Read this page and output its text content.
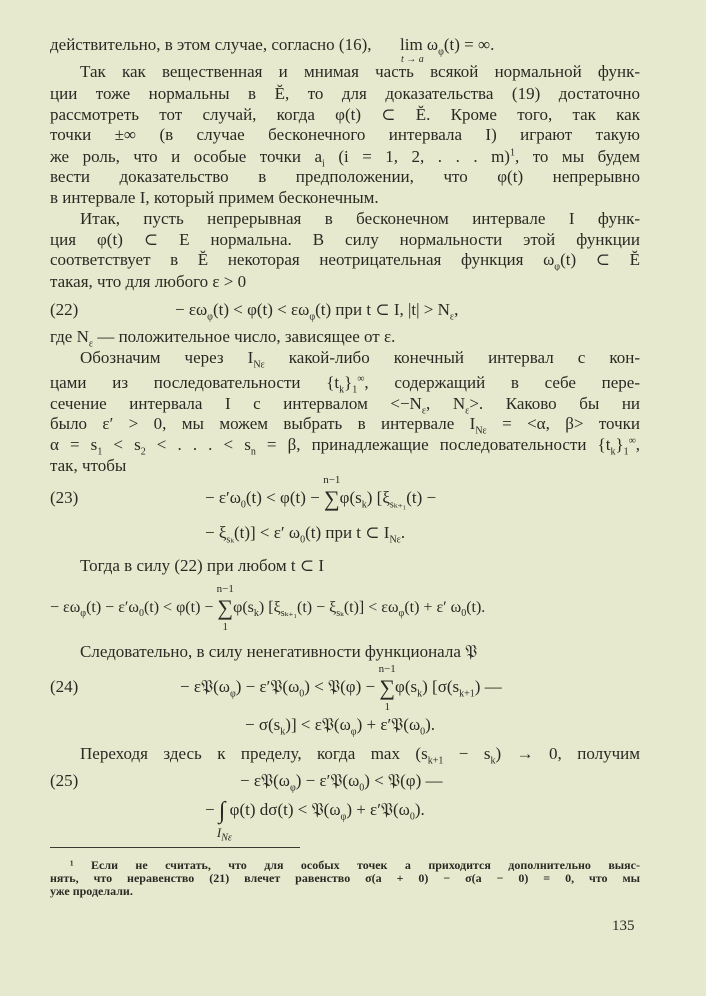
действительно, в этом случае, согласно (16), $\lim \omega_\varphi(t)$ = ∞.
t → a
Так как вещественная и мнимая часть всякой нормальной функ-
ции тоже нормальны в Ĕ, то для доказательства (19) достаточно
рассмотреть тот случай, когда φ(t) ⊂ Ĕ. Кроме того, так как
точки ±∞ (в случае бесконечного интервала I) играют такую
же роль, что и особые точки $a_i$ (i = 1, 2, . . . m)$^1$, то мы будем
вести доказательство в предположении, что φ(t) непрерывно
в интервале I, который примем бесконечным.
Итак, пусть непрерывная в бесконечном интервале I функ-
ция φ(t) ⊂ E нормальна. В силу нормальности этой функции
соответствует в Ĕ некоторая неотрицательная функция $\omega_\varphi(t)$ ⊂ Ĕ
такая, что для любого ε > 0
(22)	− $\varepsilon\omega_\varphi(t) < \varphi(t) < \varepsilon\omega_\varphi(t)$ при t ⊂ I, $|t| > N_\varepsilon$,
где $N_\varepsilon$ — положительное число, зависящее от ε.
Обозначим через $I_{N\varepsilon}$ какой-либо конечный интервал с кон-
цами из последовательности $\{t_k\}_1^\infty$, содержащий в себе пере-
сечение интервала I с интервалом $<-N_\varepsilon$, $N_\varepsilon>$. Каково бы ни
было ε′ > 0, мы можем выбрать в интервале $I_{N\varepsilon} = <\alpha$, β> точки
$\alpha = s_1 < s_2$ < . . . < $s_n = \beta$, принадлежащие последовательности $\{t_k\}_1^\infty$,
так, чтобы
(23)	− $\varepsilon'\omega_0(t) < \varphi(t)$ − ∑
n−1
$\varphi(s_k) [\xi_{s_{k+1}}(t)$ −
− $\xi_{s_k}(t)] < \varepsilon'$ $\omega_0(t)$ при t ⊂ $I_{N\varepsilon}$.
Тогда в силу (22) при любом t ⊂ I
− $\varepsilon\omega_\varphi(t) - \varepsilon'\omega_0(t) < \varphi(t)$ − ∑
n−1
1
$\varphi(s_k) [\xi_{s_{k+1}}(t) - \xi_{s_k}(t)] < \varepsilon\omega_\varphi(t) + \varepsilon'$ $\omega_0(t)$.
Следовательно, в силу ненегативности функционала 𝔓
(24)	− $\varepsilon 𝔓(\omega_\varphi)$ − $\varepsilon'𝔓(\omega_0)$ < 𝔓(φ) − ∑
n−1
1
$\varphi(s_k)$ [$\sigma(s_{k+1})$ —
− $\sigma(s_k)$] < $\varepsilon 𝔓(\omega_\varphi)$ + $\varepsilon'𝔓(\omega_0)$.
Переходя здесь к пределу, когда $\max (s_{k+1} - s_k) \to 0$, получим
(25)	− $\varepsilon 𝔓(\omega_\varphi)$ − $\varepsilon'𝔓(\omega_0)$ < 𝔓(φ) —
− ∫
$I_{N\varepsilon}$
φ(t) $d\sigma(t) < 𝔓(\omega_\varphi)$ + $\varepsilon'𝔓(\omega_0)$.
¹ Если не считать, что для особых точек a приходится дополнительно выяс-
нять, что неравенство (21) влечет равенство σ(a + 0) − σ(a − 0) = 0, что мы
уже проделали.
135
